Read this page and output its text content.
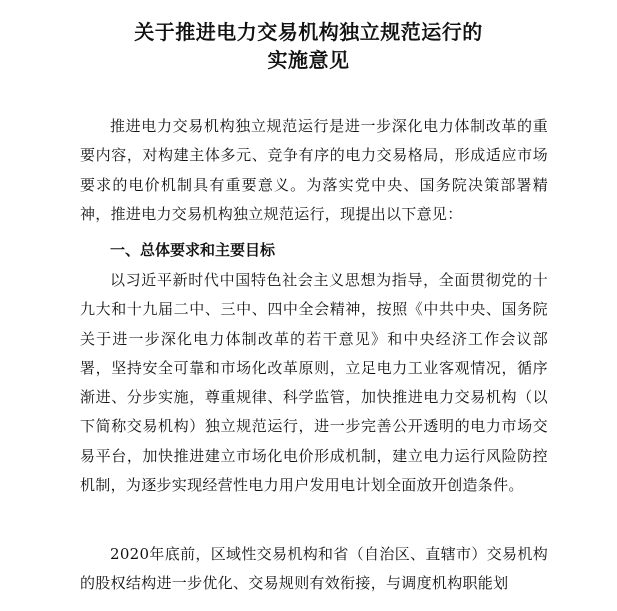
关于推进电力交易机构独立规范运行的
实施意见

推进电力交易机构独立规范运行是进一步深化电力体制改革的重要内容，对构建主体多元、竞争有序的电力交易格局，形成适应市场要求的电价机制具有重要意义。为落实党中央、国务院决策部署精神，推进电力交易机构独立规范运行，现提出以下意见：

一、总体要求和主要目标

以习近平新时代中国特色社会主义思想为指导，全面贯彻党的十九大和十九届二中、三中、四中全会精神，按照《中共中央、国务院关于进一步深化电力体制改革的若干意见》和中央经济工作会议部署，坚持安全可靠和市场化改革原则，立足电力工业客观情况，循序渐进、分步实施，尊重规律、科学监管，加快推进电力交易机构（以下简称交易机构）独立规范运行，进一步完善公开透明的电力市场交易平台，加快推进建立市场化电价形成机制，建立电力运行风险防控机制，为逐步实现经营性电力用户发用电计划全面放开创造条件。

2020年底前，区域性交易机构和省（自治区、直辖市）交易机构的股权结构进一步优化、交易规则有效衔接，与调度机构职能划
